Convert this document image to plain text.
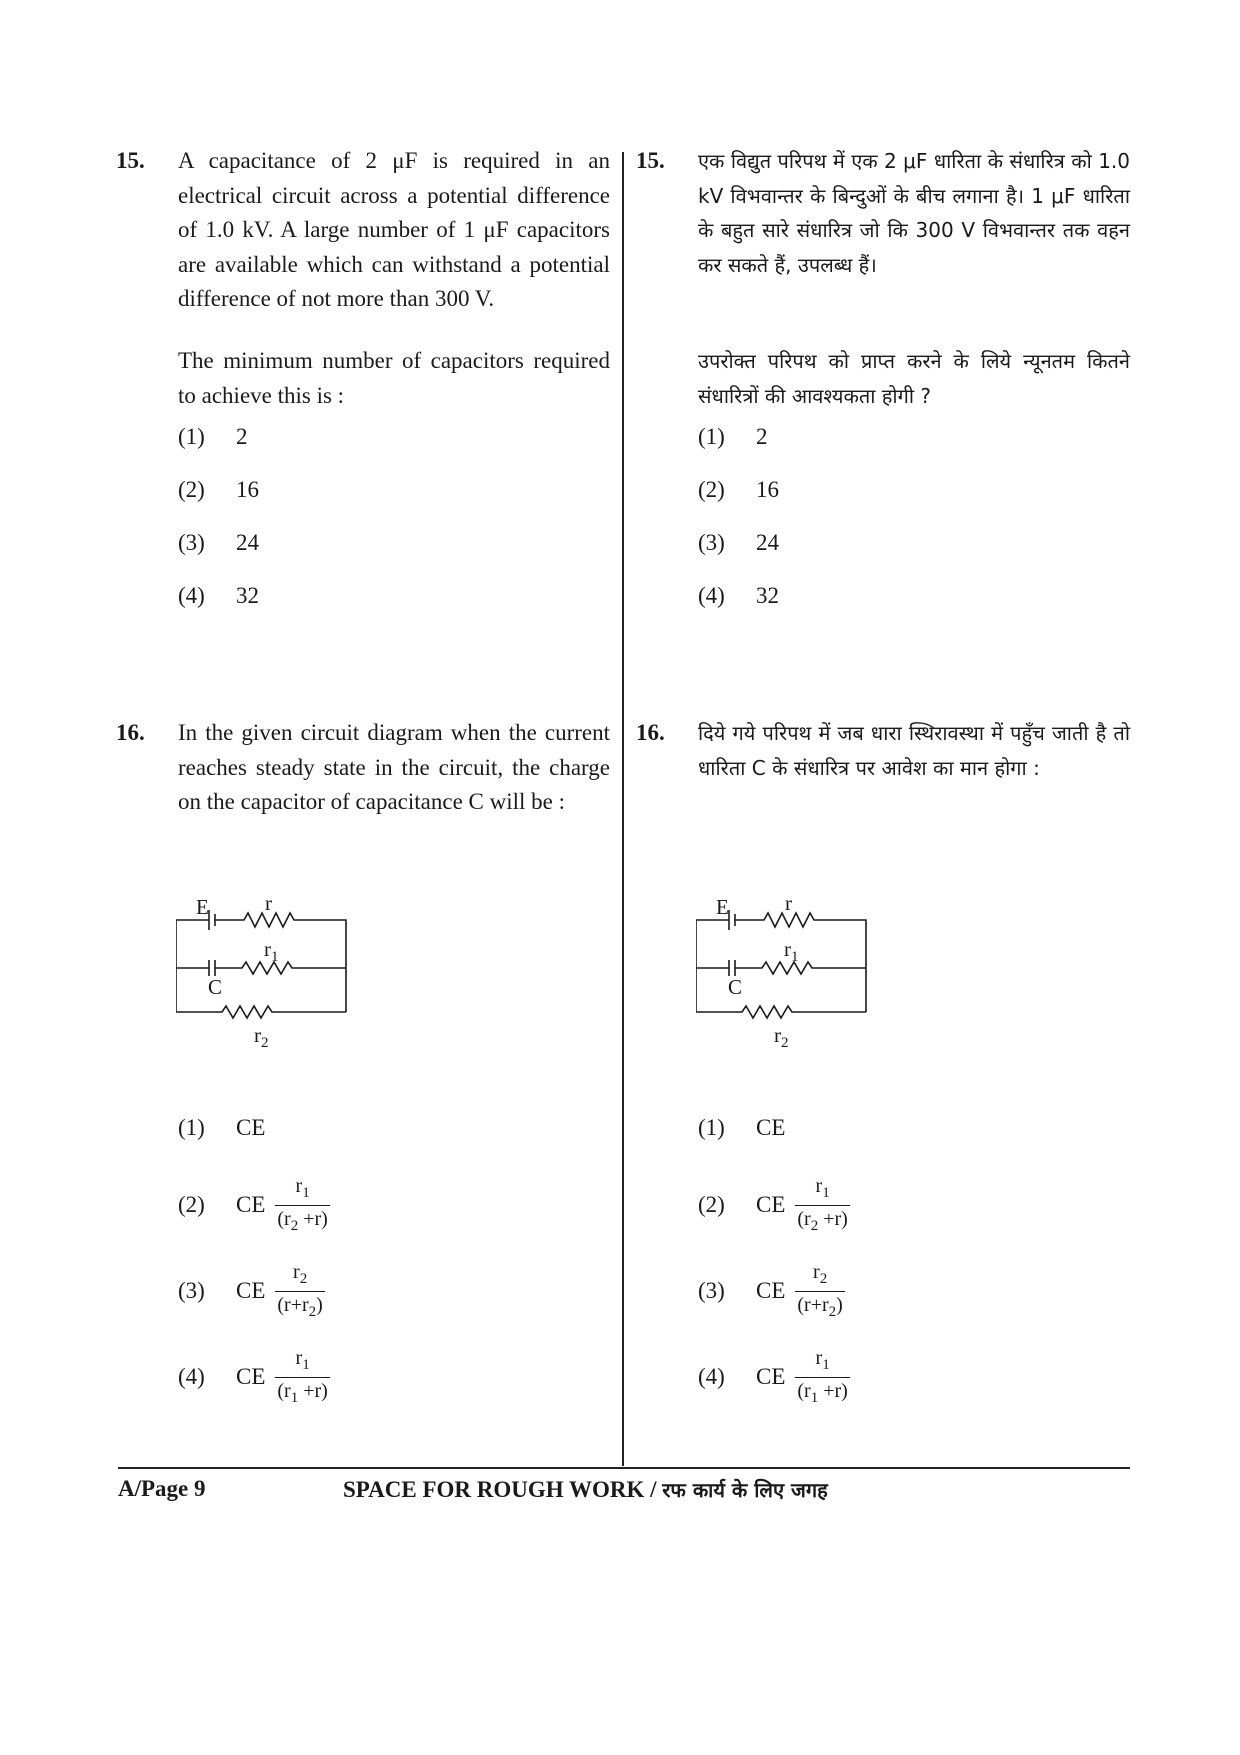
15. A capacitance of 2 μF is required in an electrical circuit across a potential difference of 1.0 kV. A large number of 1 μF capacitors are available which can withstand a potential difference of not more than 300 V.
The minimum number of capacitors required to achieve this is :
(1) 2
(2) 16
(3) 24
(4) 32
16. In the given circuit diagram when the current reaches steady state in the circuit, the charge on the capacitor of capacitance C will be :
E	r
$r_1$
C
$r_2$
(1) CE
(2) CE $\frac{r_1}{(r_2 +r)}$
(3) CE $\frac{r_2}{(r+r_2)}$
(4) CE $\frac{r_1}{(r_1 +r)}$
15. एक विद्युत परिपथ में एक 2 μF धारिता के संधारित्र को 1.0 kV विभवान्तर के बिन्दुओं के बीच लगाना है। 1 μF धारिता के बहुत सारे संधारित्र जो कि 300 V विभवान्तर तक वहन कर सकते हैं, उपलब्ध हैं।
उपरोक्त परिपथ को प्राप्त करने के लिये न्यूनतम कितने संधारित्रों की आवश्यकता होगी ?
(1) 2
(2) 16
(3) 24
(4) 32
16. दिये गये परिपथ में जब धारा स्थिरावस्था में पहुँच जाती है तो धारिता C के संधारित्र पर आवेश का मान होगा :
E	r
$r_1$
C
$r_2$
(1) CE
(2) CE $\frac{r_1}{(r_2 +r)}$
(3) CE $\frac{r_2}{(r+r_2)}$
(4) CE $\frac{r_1}{(r_1 +r)}$
A/Page 9	SPACE FOR ROUGH WORK / रफ कार्य के लिए जगह
